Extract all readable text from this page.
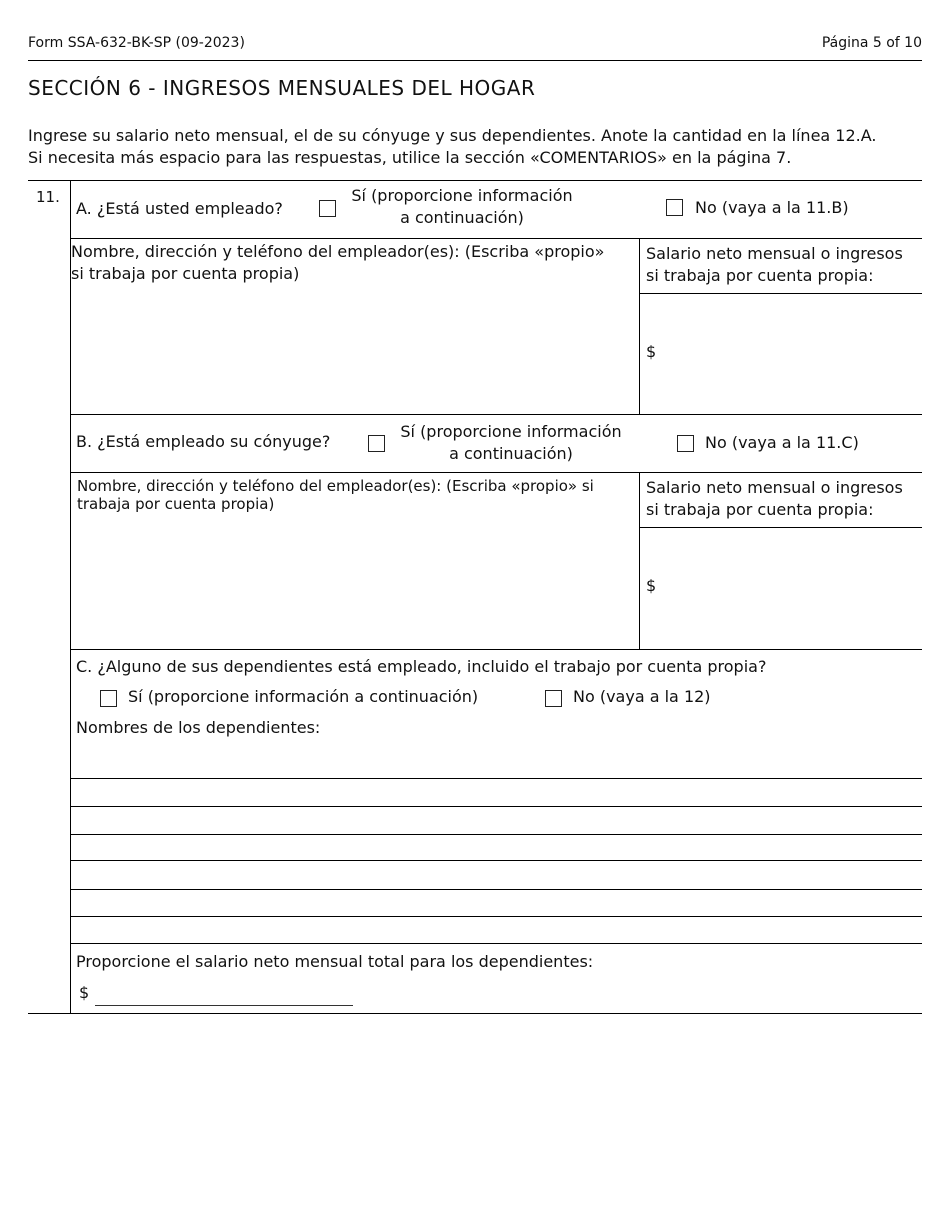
Form SSA-632-BK-SP (09-2023)	Página 5 of 10
SECCIÓN 6 - INGRESOS MENSUALES DEL HOGAR
Ingrese su salario neto mensual, el de su cónyuge y sus dependientes. Anote la cantidad en la línea 12.A.
Si necesita más espacio para las respuestas, utilice la sección «COMENTARIOS» en la página 7.
11.
A. ¿Está usted empleado?
Sí (proporcione información
a continuación)
No (vaya a la 11.B)
Nombre, dirección y teléfono del empleador(es): (Escriba «propio»
si trabaja por cuenta propia)
Salario neto mensual o ingresos
si trabaja por cuenta propia:
$
B. ¿Está empleado su cónyuge?
Sí (proporcione información
a continuación)
No (vaya a la 11.C)
Nombre, dirección y teléfono del empleador(es): (Escriba «propio» si
trabaja por cuenta propia)
Salario neto mensual o ingresos
si trabaja por cuenta propia:
$
C. ¿Alguno de sus dependientes está empleado, incluido el trabajo por cuenta propia?
Sí (proporcione información a continuación)	No (vaya a la 12)
Nombres de los dependientes:
Proporcione el salario neto mensual total para los dependientes:
$
